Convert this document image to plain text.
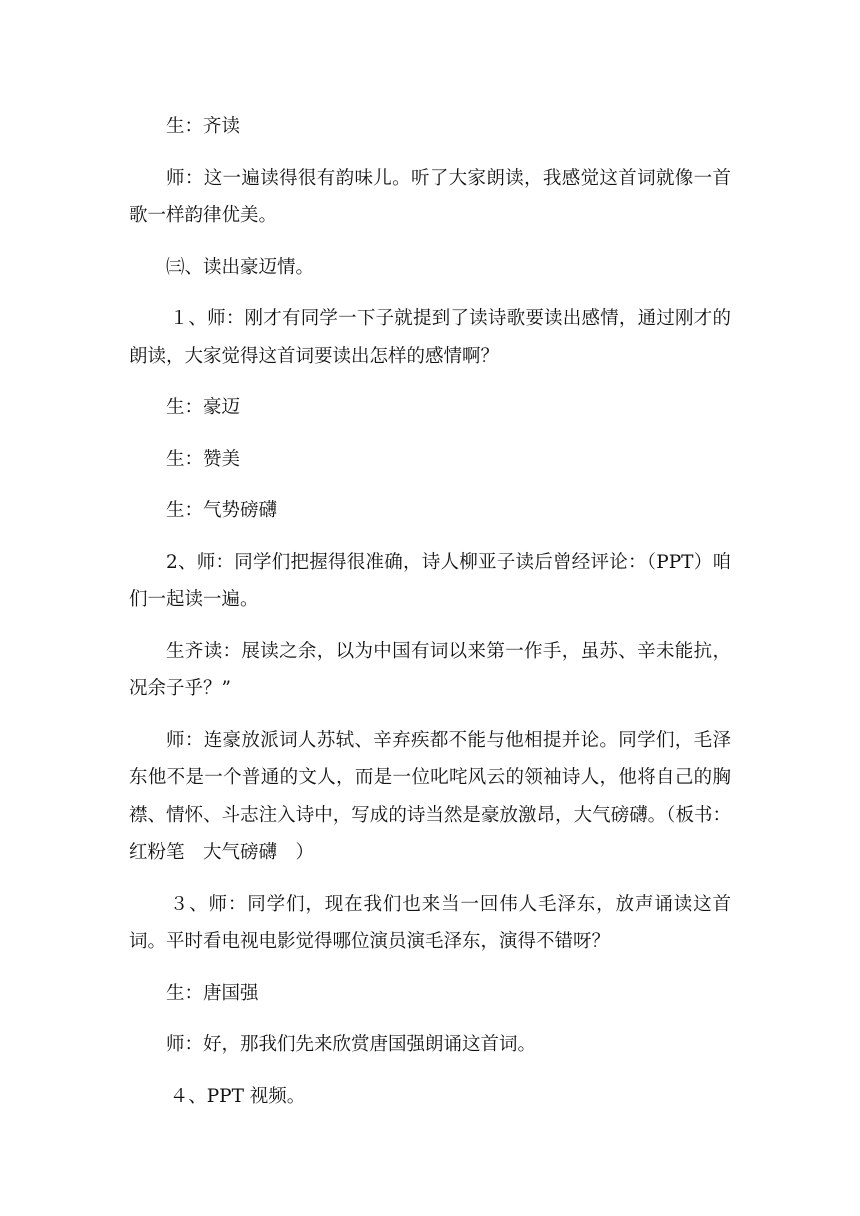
生：齐读

师：这一遍读得很有韵味儿。听了大家朗读，我感觉这首词就像一首歌一样韵律优美。

㈢、读出豪迈情。

１、师：刚才有同学一下子就提到了读诗歌要读出感情，通过刚才的朗读，大家觉得这首词要读出怎样的感情啊？

生：豪迈

生：赞美

生：气势磅礴

2、师：同学们把握得很准确，诗人柳亚子读后曾经评论：（PPT）咱们一起读一遍。

生齐读：展读之余，以为中国有词以来第一作手，虽苏、辛未能抗，况余子乎？”

师：连豪放派词人苏轼、辛弃疾都不能与他相提并论。同学们，毛泽东他不是一个普通的文人，而是一位叱咤风云的领袖诗人，他将自己的胸襟、情怀、斗志注入诗中，写成的诗当然是豪放激昂，大气磅礴。（板书：红粉笔　大气磅礴　）

３、师：同学们，现在我们也来当一回伟人毛泽东，放声诵读这首词。平时看电视电影觉得哪位演员演毛泽东，演得不错呀？

生：唐国强

师：好，那我们先来欣赏唐国强朗诵这首词。

４、PPT 视频。
